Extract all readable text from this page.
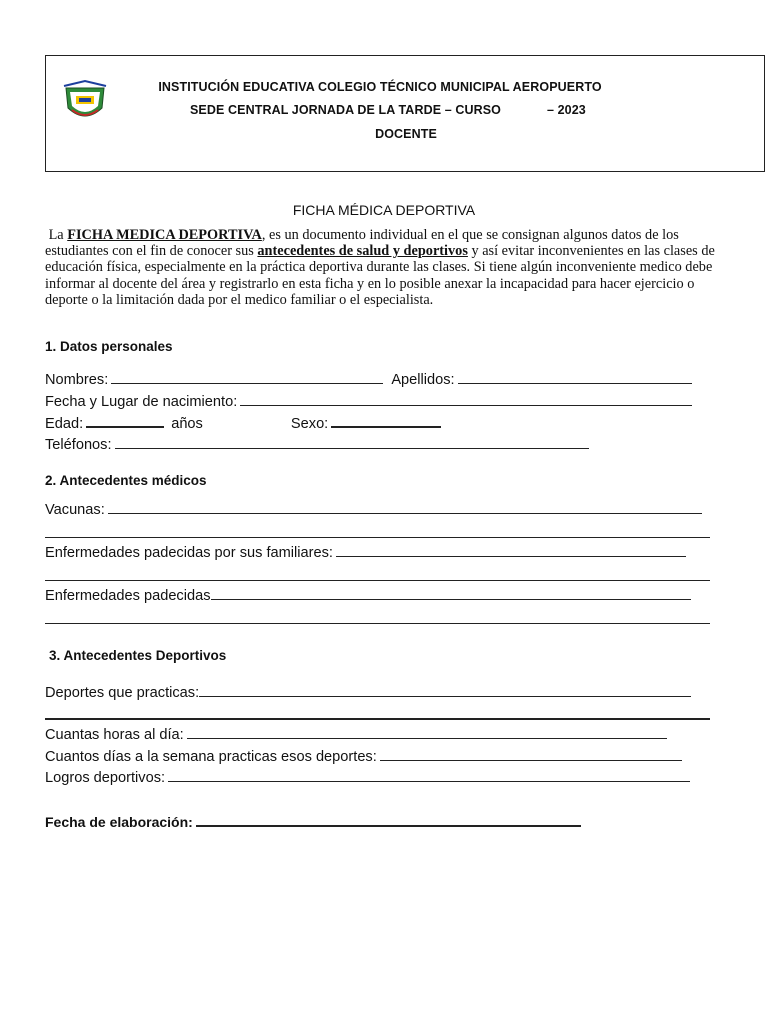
INSTITUCIÓN EDUCATIVA COLEGIO TÉCNICO MUNICIPAL AEROPUERTO
SEDE CENTRAL JORNADA DE LA TARDE – CURSO	– 2023
DOCENTE
FICHA MÉDICA DEPORTIVA

La FICHA MEDICA DEPORTIVA, es un documento individual en el que se consignan algunos datos de los estudiantes con el fin de conocer sus antecedentes de salud y deportivos y así evitar inconvenientes en las clases de educación física, especialmente en la práctica deportiva durante las clases. Si tiene algún inconveniente medico debe informar al docente del área y registrarlo en esta ficha y en lo posible anexar la incapacidad para hacer ejercicio o deporte o la limitación dada por el medico familiar o el especialista.

1. Datos personales
Nombres:	Apellidos:
Fecha y Lugar de nacimiento:
Edad:	años	Sexo:
Teléfonos:
2. Antecedentes médicos
Vacunas:
Enfermedades padecidas por sus familiares:
Enfermedades padecidas
3. Antecedentes Deportivos
Deportes que practicas:
Cuantas horas al día:
Cuantos días a la semana practicas esos deportes:
Logros deportivos:
Fecha de elaboración:
